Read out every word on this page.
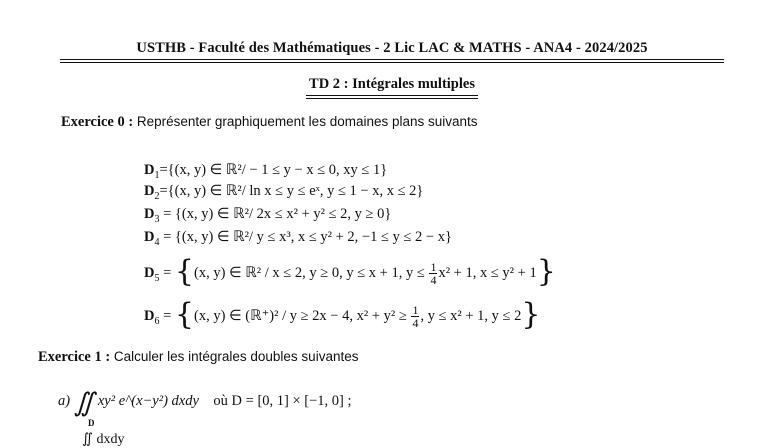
USTHB - Faculté des Mathématiques - 2 Lic LAC & MATHS - ANA4 - 2024/2025
TD 2 : Intégrales multiples
Exercice 0 : Représenter graphiquement les domaines plans suivants
$D_1=\{(x$, y) ∈ ℝ²/ − 1 ≤ y − x ≤ 0, xy ≤ 1}
$D_2=\{(x$, y) ∈ ℝ²/ ln x ≤ y ≤ eˣ, y ≤ 1 − x, x ≤ 2}
$D_3 = \{(x$, y) ∈ ℝ²/ 2x ≤ x² + y² ≤ 2, y ≥ 0}
$D_4 = \{(x$, y) ∈ ℝ²/ y ≤ x³, x ≤ y² + 2, −1 ≤ y ≤ 2 − x}
$D_5 = \{(x$, y) ∈ ℝ² / x ≤ 2, y ≥ 0, y ≤ x + 1, $y \le \frac{1}{4} x^2 + 1$, x ≤ y² + 1}
$D_6 = \{(x$, y) ∈ (ℝ⁺)² / y ≥ 2x − 4, $x^2 + y^2 \ge \frac{1}{4}$ , y ≤ x² + 1, y ≤ 2}
Exercice 1 : Calculer les intégrales doubles suivantes
a) ∬ xy² e^(x−y²) dxdy où D = [0, 1] × [−1, 0] ;
D
∬ dxdy
